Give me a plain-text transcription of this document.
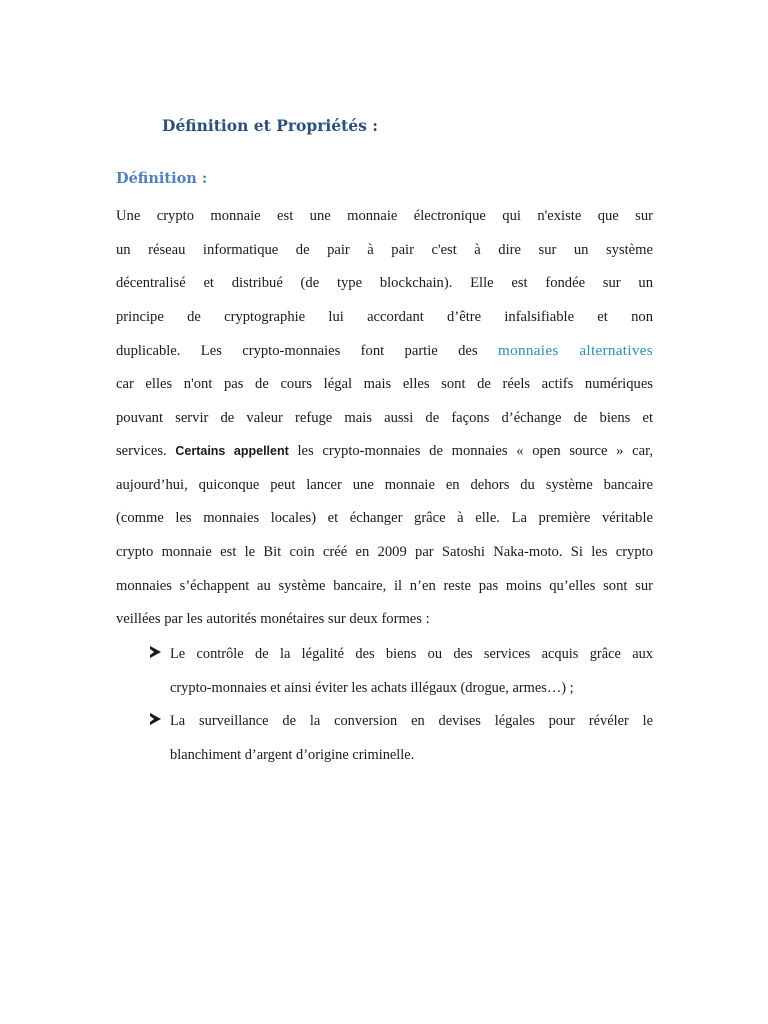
Définition et Propriétés :
Définition :
Une crypto monnaie est une monnaie électronique qui n'existe que sur
un réseau informatique de pair à pair c'est à dire sur un système
décentralisé et distribué (de type blockchain). Elle est fondée sur un
principe de cryptographie lui accordant d’être infalsifiable et non
duplicable. Les crypto-monnaies font partie des monnaies alternatives
car elles n'ont pas de cours légal mais elles sont de réels actifs numériques
pouvant servir de valeur refuge mais aussi de façons d’échange de biens et
services. Certains appellent les crypto-monnaies de monnaies « open source » car,
aujourd’hui, quiconque peut lancer une monnaie en dehors du système bancaire
(comme les monnaies locales) et échanger grâce à elle. La première véritable
crypto monnaie est le Bit coin créé en 2009 par Satoshi Naka-moto. Si les crypto
monnaies s’échappent au système bancaire, il n’en reste pas moins qu’elles sont sur
veillées par les autorités monétaires sur deux formes :
Le contrôle de la légalité des biens ou des services acquis grâce aux
crypto-monnaies et ainsi éviter les achats illégaux (drogue, armes…) ;
La surveillance de la conversion en devises légales pour révéler le
blanchiment d’argent d’origine criminelle.
